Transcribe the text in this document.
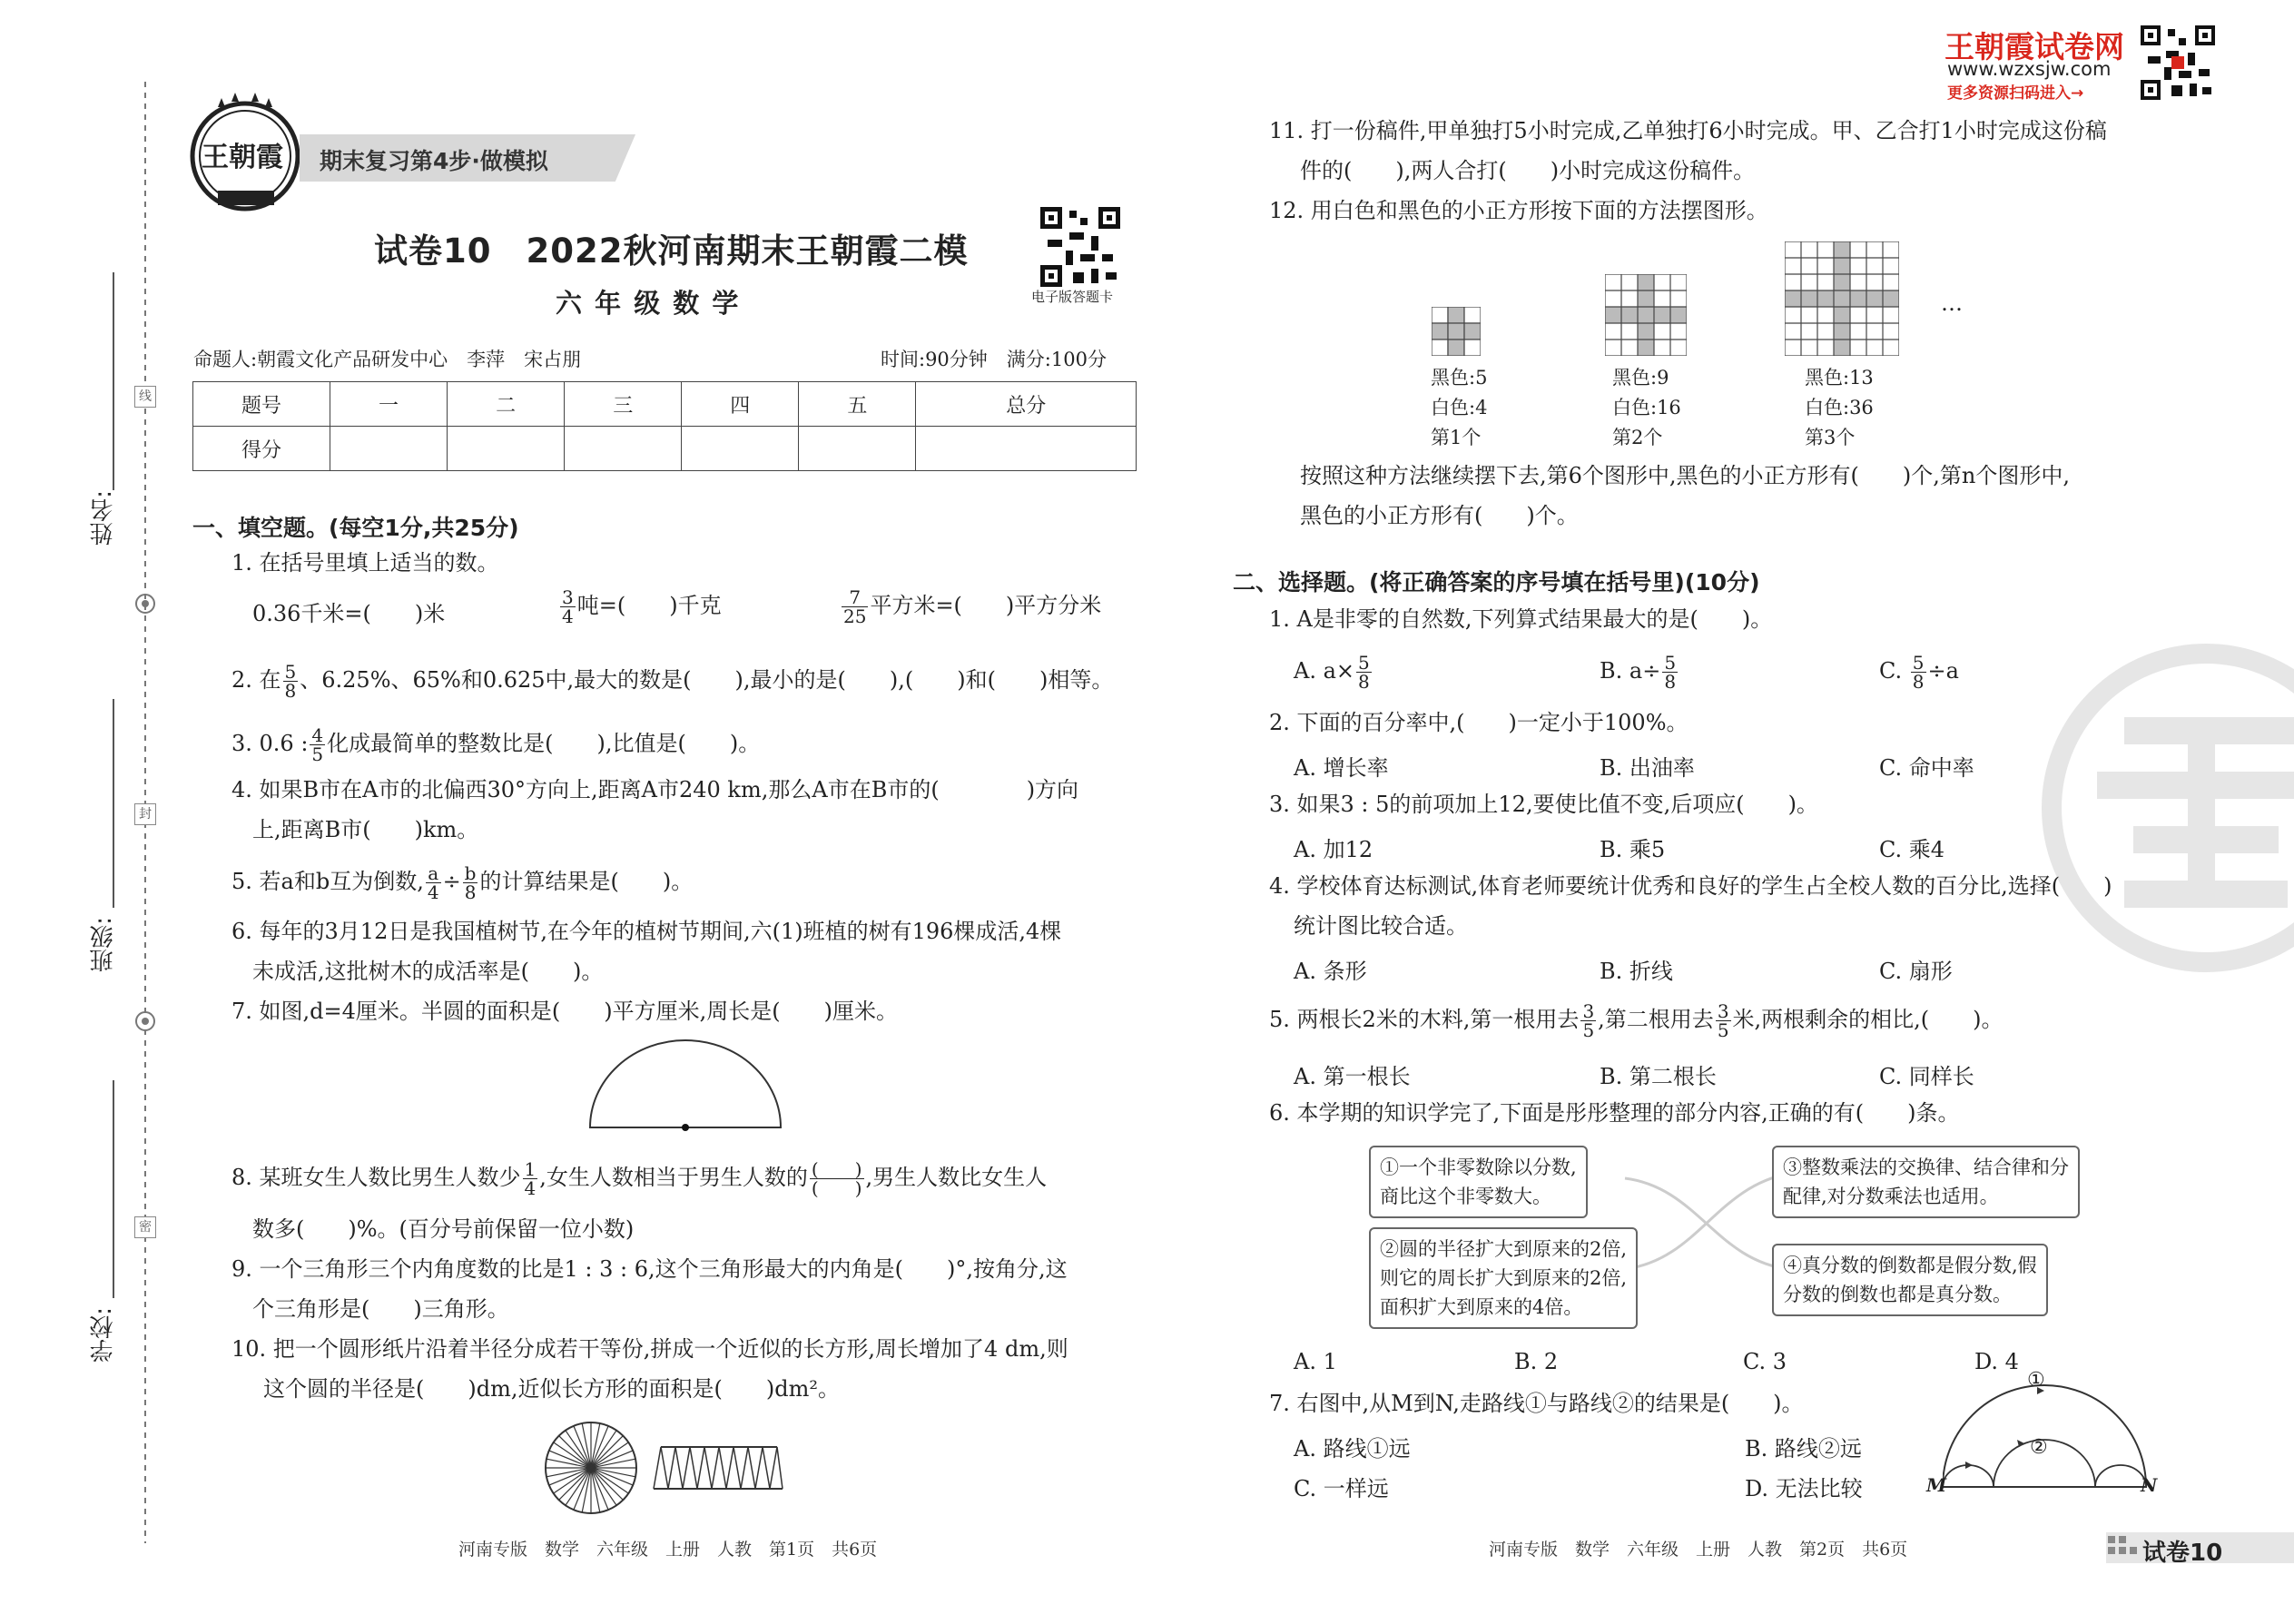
姓名:
班级:
学校:
线
封
密
王朝霞 期末复习第4步·做模拟
试卷10　2022秋河南期末王朝霞二模
六 年 级 数 学	电子版答题卡
命题人:朝霞文化产品研发中心　李萍　宋占朋	时间:90分钟　满分:100分
题号	一	二	三	四	五	总分
得分						
一、填空题。(每空1分,共25分)
1. 在括号里填上适当的数。
0.36千米=(　　)米	$\frac{3}{4}$ 吨=(　　)千克	$\frac{7}{25}$ 平方米=(　　)平方分米
2. 在 $\frac{5}{8}$ 、6.25%、65%和0.625中,最大的数是(　　),最小的是(　　),(　　)和(　　)相等。
3. 0.6 : $\frac{4}{5}$ 化成最简单的整数比是(　　),比值是(　　)。
4. 如果B市在A市的北偏西30°方向上,距离A市240 km,那么A市在B市的(　　　　)方向
上,距离B市(　　)km。
5. 若a和b互为倒数, $\frac{a}{4} \div \frac{b}{8}$ 的计算结果是(　　)。
6. 每年的3月12日是我国植树节,在今年的植树节期间,六(1)班植的树有196棵成活,4棵
未成活,这批树木的成活率是(　　)。
7. 如图,d=4厘米。半圆的面积是(　　)平方厘米,周长是(　　)厘米。
8. 某班女生人数比男生人数少 $\frac{1}{4}$ ,女生人数相当于男生人数的 $\frac{( )}{( )}$ ,男生人数比女生人
数多(　　)%。(百分号前保留一位小数)
9. 一个三角形三个内角度数的比是1 : 3 : 6,这个三角形最大的内角是(　　)°,按角分,这
个三角形是(　　)三角形。
10. 把一个圆形纸片沿着半径分成若干等份,拼成一个近似的长方形,周长增加了4 dm,则
这个圆的半径是(　　)dm,近似长方形的面积是(　　)dm²。
河南专版　数学　六年级　上册　人教　第1页　共6页
王朝霞试卷网
www.wzxsjw.com
更多资源扫码进入→
11. 打一份稿件,甲单独打5小时完成,乙单独打6小时完成。甲、乙合打1小时完成这份稿
件的(　　),两人合打(　　)小时完成这份稿件。
12. 用白色和黑色的小正方形按下面的方法摆图形。
…
黑色:5
白色:4
第1个
黑色:9
白色:16
第2个
黑色:13
白色:36
第3个
按照这种方法继续摆下去,第6个图形中,黑色的小正方形有(　　)个,第n个图形中,
黑色的小正方形有(　　)个。
二、选择题。(将正确答案的序号填在括号里)(10分)
1. A是非零的自然数,下列算式结果最大的是(　　)。
A. $a\times \frac{5}{8}$	B. $a\div \frac{5}{8}$	C. $\frac{5}{8} \div a$
2. 下面的百分率中,(　　)一定小于100%。
A. 增长率	B. 出油率	C. 命中率
3. 如果3 : 5的前项加上12,要使比值不变,后项应(　　)。
A. 加12	B. 乘5	C. 乘4
4. 学校体育达标测试,体育老师要统计优秀和良好的学生占全校人数的百分比,选择(　　)
统计图比较合适。
A. 条形	B. 折线	C. 扇形
5. 两根长2米的木料,第一根用去 $\frac{3}{5}$ ,第二根用去 $\frac{3}{5}$ 米,两根剩余的相比,(　　)。
A. 第一根长	B. 第二根长	C. 同样长
6. 本学期的知识学完了,下面是彤彤整理的部分内容,正确的有(　　)条。
①一个非零数除以分数,
商比这个非零数大。
②圆的半径扩大到原来的2倍,
则它的周长扩大到原来的2倍,
面积扩大到原来的4倍。
③整数乘法的交换律、结合律和分
配律,对分数乘法也适用。
④真分数的倒数都是假分数,假
分数的倒数也都是真分数。
A. 1	B. 2	C. 3	D. 4
7. 右图中,从M到N,走路线①与路线②的结果是(　　)。
A. 路线①远	B. 路线②远
C. 一样远	D. 无法比较
①
②
M	N
河南专版　数学　六年级　上册　人教　第2页　共6页	试卷10
